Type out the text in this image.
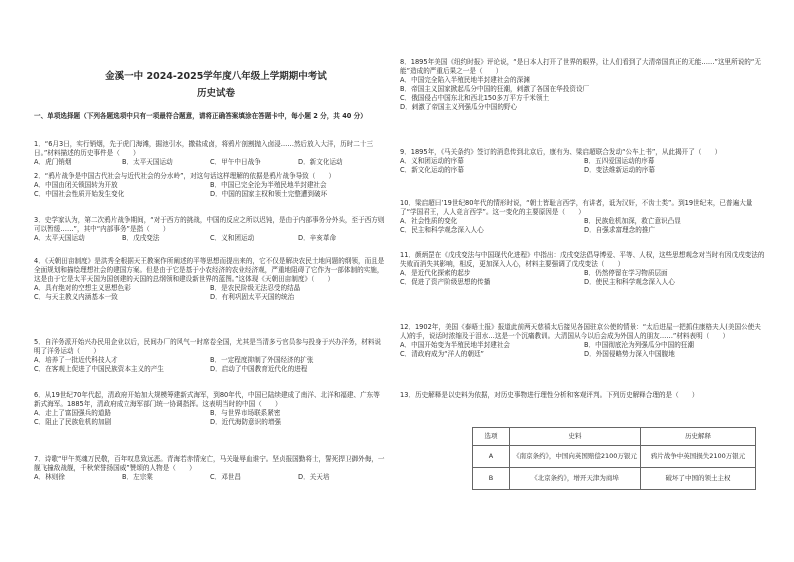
金溪一中 2024-2025学年度八年级上学期期中考试
历史试卷
一、单项选择题（下列各题选项中只有一项最符合题意，请将正确答案填涂在答题卡中，每小题 2 分，共 40 分）

1．“6月3日，实行销烟，先于虎门海滩，掘池引水，撒盐成卤，将鸦片剖割抛入卤浸……然后放入大洋，历时二十三日。”材料描述的历史事件是（　　）

A．虎门销烟	B．太平天国运动	C．甲午中日战争	D．新文化运动

2．“鸦片战争是中国古代社会与近代社会的分水岭”，对这句话这样理解的依据是鸦片战争导致（　　）

A．中国由闭关锁国转为开放	B．中国已完全沦为半殖民地半封建社会
C．中国社会性质开始发生变化	D．中国的国家主权和领土完整遭到破坏

3．史学家认为，第二次鸦片战争期间，“对于西方的挑战，中国的反应之所以迟钝，是由于内部事务分外头，至于西方则可以暂缓……”，其中“内部事务”是指（　　）

A．太平天国运动	B．戊戌变法	C．义和团运动	D．辛亥革命

4．《天朝田亩制度》是洪秀全根据天王教案作所阐述的平等思想而提出来的，它不仅是解决农民土地问题的纲领，而且是全面规划和描绘理想社会的建国方案。但是由于它是基于小农经济的农业经济观，严重地阻碍了它作为一部体制的实施，这是由于它是太平天国为国创建的天国的总纲领和建设新世界的蓝图。”这体现《天朝田亩制度》（　　）

A．具有绝对的空想主义思想色彩	B．是农民阶级无法忍受的结晶
C．与天主教义内涵基本一致	D．有利巩固太平天国的统治

5．自洋务派开始兴办民用企业以后，民间办厂的风气一时席卷全国，尤其是当清多亏官员参与投身于兴办洋务，材料说明了洋务运动（　　）

A．培养了一批近代科技人才	B．一定程度抑制了外国经济的扩张
C．在客观上促进了中国民族资本主义的产生	D．启动了中国教育近代化的进程

6．从19世纪70年代起，清政府开始加大规模筹建新式海军，到80年代，中国已陆续建成了南洋、北洋和福建、广东等新式海军。1885年，清政府成立海军部门统一协调指挥。这表明当时的中国（　　）

A．走上了富国强兵的道路	B．与世界市场联系紧密
C．阻止了民族危机的加剧	D．近代海防意识的增强

7．诗歌“甲午英魂万民敬，百年叹息致远恶。青海若赤情宠亡，马关耻辱血谁宁。坚贞报国勤将士，誓死捍卫御外侮，一舰飞撞敌战舰，千秋荣誉扬国威”赞颂的人物是（　　）

A．林则徐	B．左宗棠	C．邓世昌	D．关天培

8．1895年美国《纽约时报》评论说，“是日本人打开了世界的眼界，让人们看到了大清帝国真正的无能……”这里所说的“无能”造成的严重后果之一是（　　）

A．中国完全陷入半殖民地半封建社会的深渊
B．帝国主义国家掀起瓜分中国的狂潮，刺激了各国在华投资设厂
C．俄国侵占中国东北和西北150多万平方千米领土
D．刺激了帝国主义列强瓜分中国的野心

9．1895年，《马关条约》签订的消息传到北京后，康有为、梁启超联合发动“公车上书”，从此揭开了（　　）

A．义和团运动的序幕	B．五四爱国运动的序幕
C．新文化运动的序幕	D．变法维新运动的序幕

10．梁启超曰’19世纪80年代的情形时说，“朝士皆耻言西学，有讲者，诋为汉奸，不齿士类”。到19世纪末，已普遍大量了“学国君王，人人竞言西学”。这一变化的主要原因是（　　）

A．社会性质的变化	B．民族危机加深，救亡意识凸显
C．民主和科学观念深入人心	D．自强求富理念的推广

11．颜炳罡在《戊戌变法与中国现代化进程》中指出：戊戌变法倡导博爱、平等、人权，这些思想观念对当时有因戊戌变法的失败而消失其影响，相反，更加深入人心，材料主要强调了戊戌变法（　　）

A．是近代化探索的起步	B．仍然停留在学习物质层面
C．促进了资产阶级思想的传播	D．使民主和科学观念深入人心

12．1902年，美国《泰晤士报》报道此前两天慈禧太后接见各国驻京公使的情景：“太后进屋一把抓住康格夫人(美国公使夫人)的手，说话时浓缩及于泪水…这是一个沉痛教训。大清国从今以后会成为外国人的朋友……”材料表明（　　）

A．中国开始变为半殖民地半封建社会	B．中国彻底沦为列强瓜分中国的狂潮
C．清政府成为“洋人的朝廷”	D．外国侵略势力深入中国腹地

13．历史解释是以史料为依据，对历史事物进行理性分析和客观评判。下列历史解释合理的是（　　）

选项	史料	历史解释
A	《南京条约》，中国向英国赔偿2100万银元	鸦片战争中英国损失2100万银元
B	《北京条约》，增开天津为商埠	破坏了中国的领土主权
